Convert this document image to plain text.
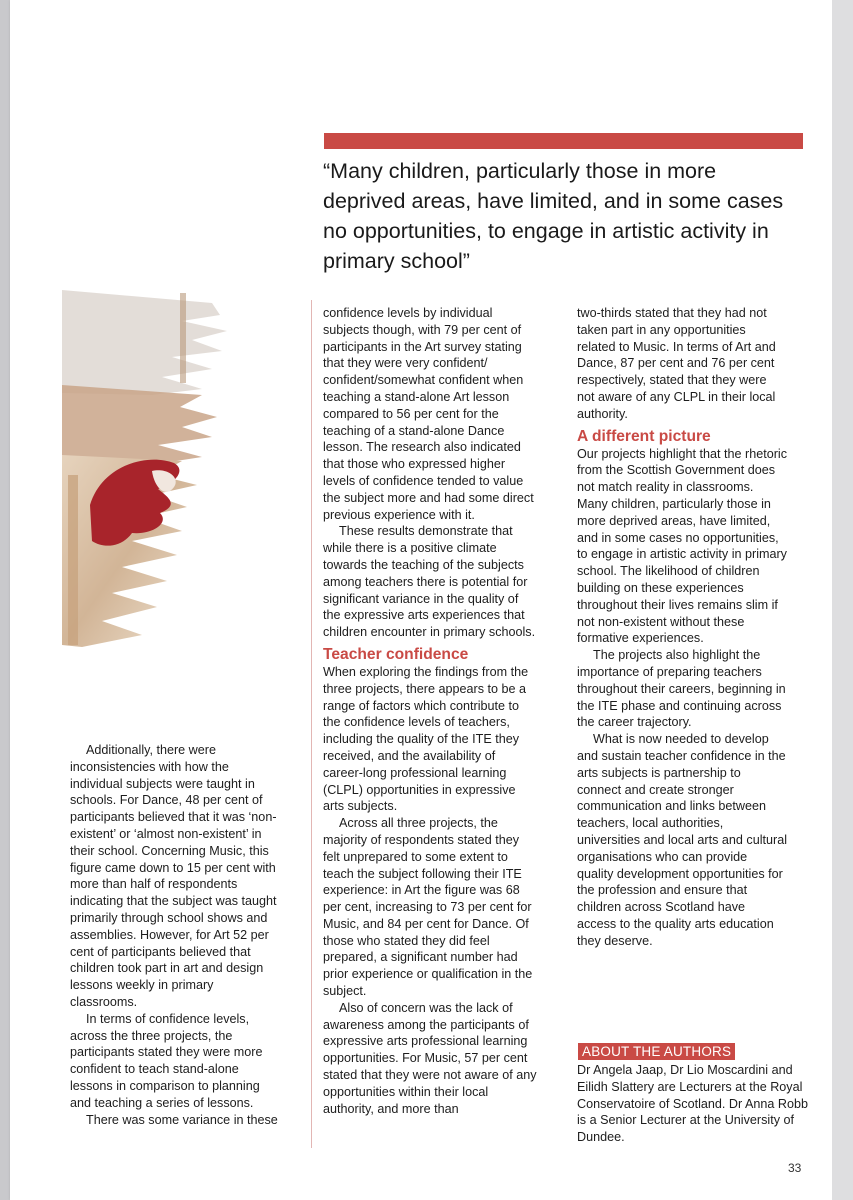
“Many children, particularly those in more deprived areas, have limited, and in some cases no opportunities, to engage in artistic activity in primary school”

Additionally, there were inconsistencies with how the individual subjects were taught in schools. For Dance, 48 per cent of participants believed that it was ‘non-existent’ or ‘almost non-existent’ in their school. Concerning Music, this figure came down to 15 per cent with more than half of respondents indicating that the subject was taught primarily through school shows and assemblies. However, for Art 52 per cent of participants believed that children took part in art and design lessons weekly in primary classrooms.

In terms of confidence levels, across the three projects, the participants stated they were more confident to teach stand-alone lessons in comparison to planning and teaching a series of lessons.

There was some variance in these

confidence levels by individual subjects though, with 79 per cent of participants in the Art survey stating that they were very confident/ confident/somewhat confident when teaching a stand-alone Art lesson compared to 56 per cent for the teaching of a stand-alone Dance lesson. The research also indicated that those who expressed higher levels of confidence tended to value the subject more and had some direct previous experience with it.

These results demonstrate that while there is a positive climate towards the teaching of the subjects among teachers there is potential for significant variance in the quality of the expressive arts experiences that children encounter in primary schools.

Teacher confidence

When exploring the findings from the three projects, there appears to be a range of factors which contribute to the confidence levels of teachers, including the quality of the ITE they received, and the availability of career-long professional learning (CLPL) opportunities in expressive arts subjects.

Across all three projects, the majority of respondents stated they felt unprepared to some extent to teach the subject following their ITE experience: in Art the figure was 68 per cent, increasing to 73 per cent for Music, and 84 per cent for Dance. Of those who stated they did feel prepared, a significant number had prior experience or qualification in the subject.

Also of concern was the lack of awareness among the participants of expressive arts professional learning opportunities. For Music, 57 per cent stated that they were not aware of any opportunities within their local authority, and more than

two-thirds stated that they had not taken part in any opportunities related to Music. In terms of Art and Dance, 87 per cent and 76 per cent respectively, stated that they were not aware of any CLPL in their local authority.

A different picture

Our projects highlight that the rhetoric from the Scottish Government does not match reality in classrooms. Many children, particularly those in more deprived areas, have limited, and in some cases no opportunities, to engage in artistic activity in primary school. The likelihood of children building on these experiences throughout their lives remains slim if not non-existent without these formative experiences.

The projects also highlight the importance of preparing teachers throughout their careers, beginning in the ITE phase and continuing across the career trajectory.

What is now needed to develop and sustain teacher confidence in the arts subjects is partnership to connect and create stronger communication and links between teachers, local authorities, universities and local arts and cultural organisations who can provide quality development opportunities for the profession and ensure that children across Scotland have access to the quality arts education they deserve.

ABOUT THE AUTHORS
Dr Angela Jaap, Dr Lio Moscardini and Eilidh Slattery are Lecturers at the Royal Conservatoire of Scotland. Dr Anna Robb is a Senior Lecturer at the University of Dundee.
33
